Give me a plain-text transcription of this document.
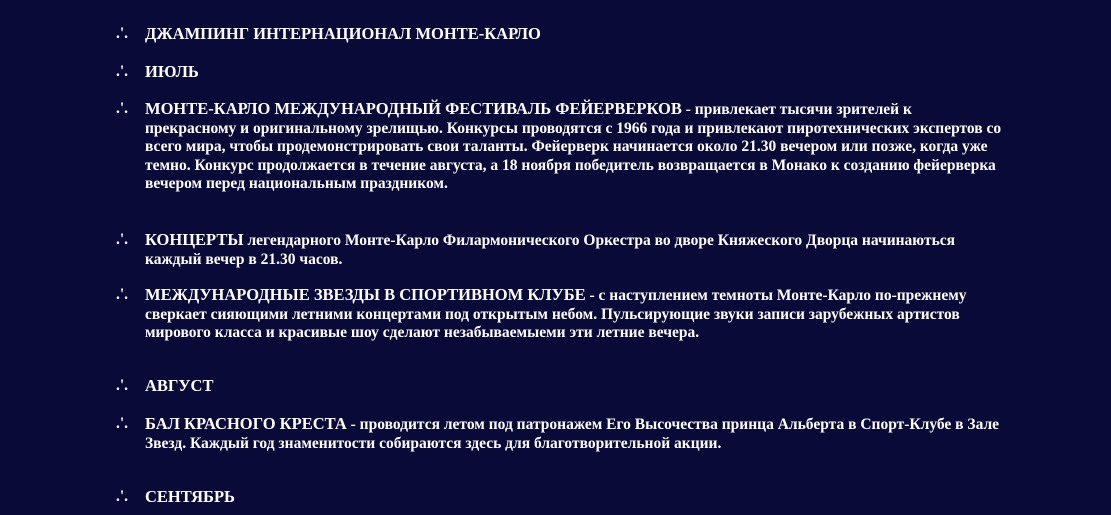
.'.	ДЖАМПИНГ ИНТЕРНАЦИОНАЛ МОНТЕ-КАРЛО
.'.	ИЮЛЬ
.'.	МОНТЕ-КАРЛО МЕЖДУНАРОДНЫЙ ФЕСТИВАЛЬ ФЕЙЕРВЕРКОВ - привлекает тысячи зрителей к прекрасному и оригинальному зрелищью. Конкурсы проводятся с 1966 года и привлекают пиротехнических экспертов со всего мира, чтобы продемонстрировать свои таланты. Фейерверк начинается около 21.30 вечером или позже, когда уже темно. Конкурс продолжается в течение августа, а 18 ноября победитель возвращается в Монако к созданию фейерверка вечером перед национальным праздником.
.'.	КОНЦЕРТЫ легендарного Монте-Карло Филармонического Оркестра во дворе Княжеского Дворца начинаються каждый вечер в 21.30 часов.
.'.	МЕЖДУНАРОДНЫЕ ЗВЕЗДЫ В СПОРТИВНОМ КЛУБЕ - с наступлением темноты Монте-Карло по-прежнему сверкает сияющими летними концертами под открытым небом. Пульсирующие звуки записи зарубежных артистов мирового класса и красивые шоу сделают незабываемыеми эти летние вечера.
.'.	АВГУСТ
.'.	БАЛ КРАСНОГО КРЕСТА - проводится летом под патронажем Его Высочества принца Альберта в Спорт-Клубе в Зале Звезд. Каждый год знаменитости собираются здесь для благотворительной акции.
.'.	СЕНТЯБРЬ
